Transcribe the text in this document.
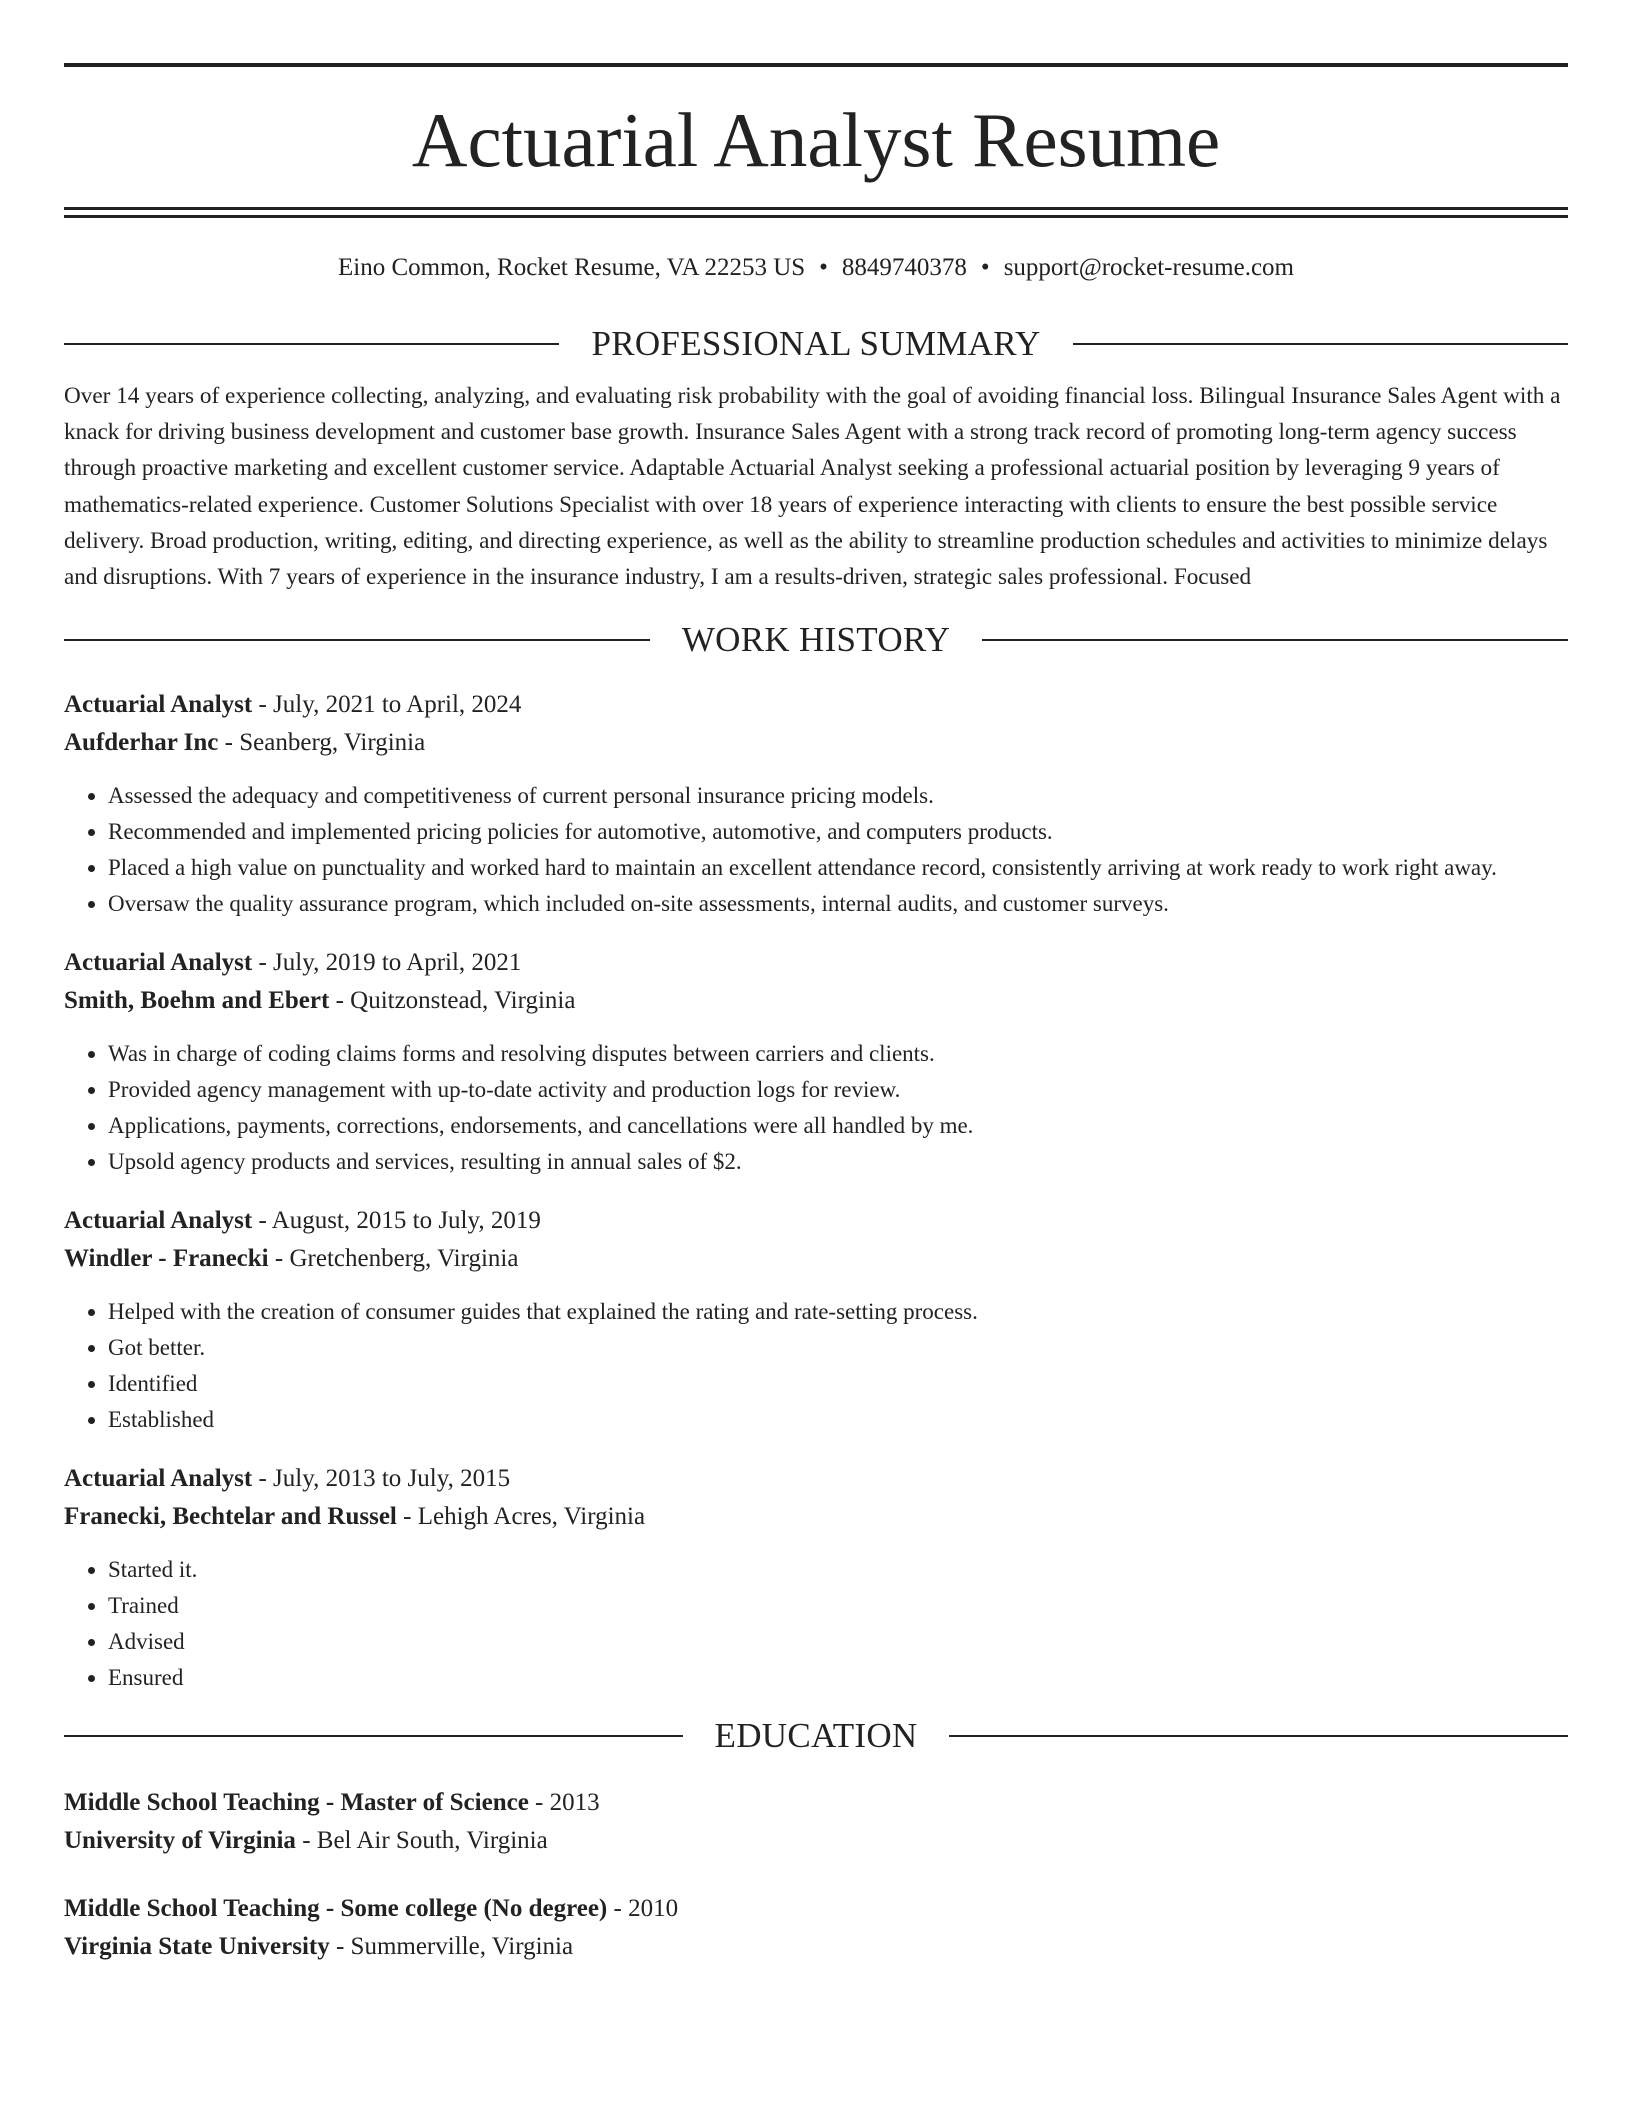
Actuarial Analyst Resume
Eino Common, Rocket Resume, VA 22253 US • 8849740378 • support@rocket-resume.com
PROFESSIONAL SUMMARY

Over 14 years of experience collecting, analyzing, and evaluating risk probability with the goal of avoiding financial loss. Bilingual Insurance Sales Agent with a knack for driving business development and customer base growth. Insurance Sales Agent with a strong track record of promoting long-term agency success through proactive marketing and excellent customer service. Adaptable Actuarial Analyst seeking a professional actuarial position by leveraging 9 years of mathematics-related experience. Customer Solutions Specialist with over 18 years of experience interacting with clients to ensure the best possible service delivery. Broad production, writing, editing, and directing experience, as well as the ability to streamline production schedules and activities to minimize delays and disruptions. With 7 years of experience in the insurance industry, I am a results-driven, strategic sales professional. Focused

WORK HISTORY
Actuarial Analyst - July, 2021 to April, 2024
Aufderhar Inc - Seanberg, Virginia
• Assessed the adequacy and competitiveness of current personal insurance pricing models.
• Recommended and implemented pricing policies for automotive, automotive, and computers products.
• Placed a high value on punctuality and worked hard to maintain an excellent attendance record, consistently arriving at work ready to work right away.
• Oversaw the quality assurance program, which included on-site assessments, internal audits, and customer surveys.
Actuarial Analyst - July, 2019 to April, 2021
Smith, Boehm and Ebert - Quitzonstead, Virginia
• Was in charge of coding claims forms and resolving disputes between carriers and clients.
• Provided agency management with up-to-date activity and production logs for review.
• Applications, payments, corrections, endorsements, and cancellations were all handled by me.
• Upsold agency products and services, resulting in annual sales of $2.
Actuarial Analyst - August, 2015 to July, 2019
Windler - Franecki - Gretchenberg, Virginia
• Helped with the creation of consumer guides that explained the rating and rate-setting process.
• Got better.
• Identified
• Established
Actuarial Analyst - July, 2013 to July, 2015
Franecki, Bechtelar and Russel - Lehigh Acres, Virginia
• Started it.
• Trained
• Advised
• Ensured
EDUCATION
Middle School Teaching - Master of Science - 2013
University of Virginia - Bel Air South, Virginia
Middle School Teaching - Some college (No degree) - 2010
Virginia State University - Summerville, Virginia
